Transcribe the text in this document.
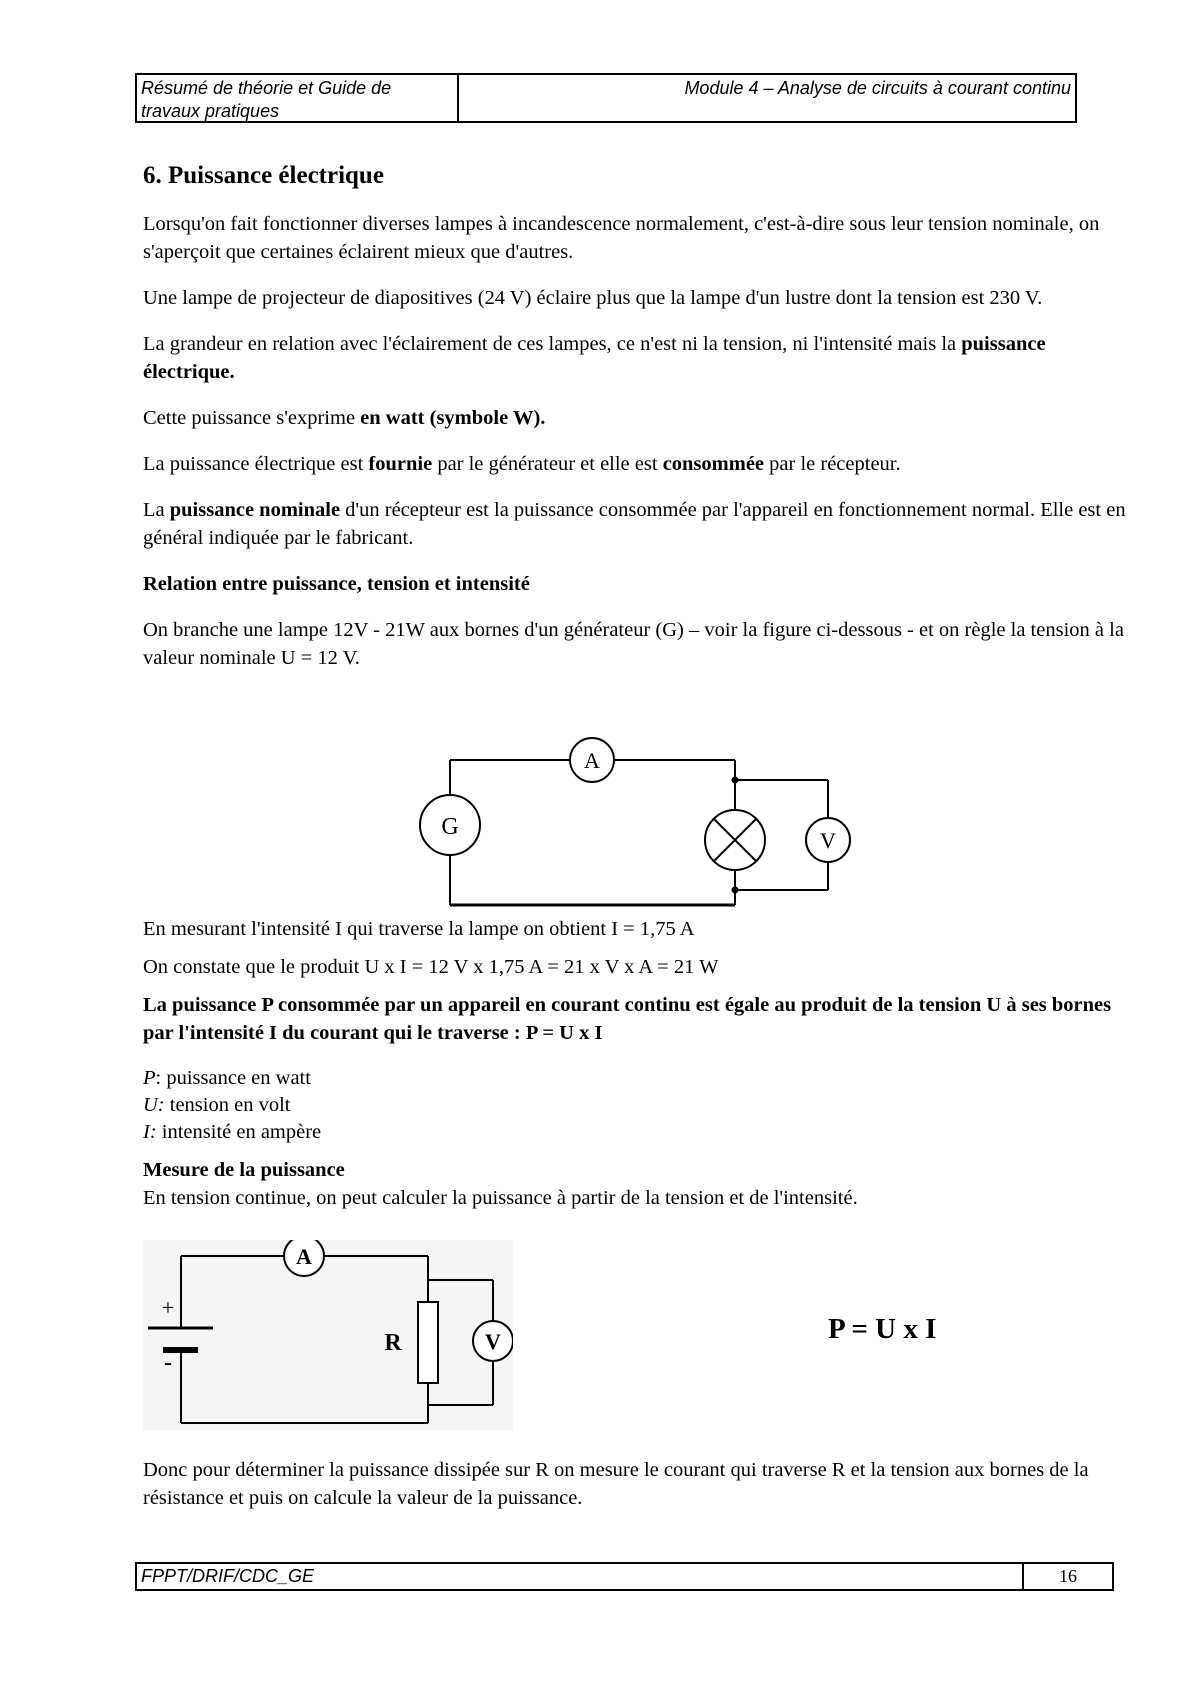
Résumé de théorie et Guide de travaux pratiques
Module 4 – Analyse de circuits à courant continu
6. Puissance électrique

Lorsqu'on fait fonctionner diverses lampes à incandescence normalement, c'est-à-dire sous leur tension nominale, on s'aperçoit que certaines éclairent mieux que d'autres.

Une lampe de projecteur de diapositives (24 V) éclaire plus que la lampe d'un lustre dont la tension est 230 V.

La grandeur en relation avec l'éclairement de ces lampes, ce n'est ni la tension, ni l'intensité mais la puissance électrique.

Cette puissance s'exprime en watt (symbole W).

La puissance électrique est fournie par le générateur et elle est consommée par le récepteur.

La puissance nominale d'un récepteur est la puissance consommée par l'appareil en fonctionnement normal. Elle est en général indiquée par le fabricant.

Relation entre puissance, tension et intensité

On branche une lampe 12V - 21W aux bornes d'un générateur (G) – voir la figure ci-dessous - et on règle la tension à la valeur nominale U = 12 V.

En mesurant l'intensité I qui traverse la lampe on obtient I = 1,75 A

On constate que le produit U x I = 12 V x 1,75 A = 21 x V x A = 21 W

La puissance P consommée par un appareil en courant continu est égale au produit de la tension U à ses bornes par l'intensité I du courant qui le traverse : P = U x I

P: puissance en watt
U: tension en volt
I: intensité en ampère

Mesure de la puissance

En tension continue, on peut calculer la puissance à partir de la tension et de l'intensité.

G
A
V
+
-
A
R	V	P = U x I

Donc pour déterminer la puissance dissipée sur R on mesure le courant qui traverse R et la tension aux bornes de la résistance et puis on calcule la valeur de la puissance.

FPPT/DRIF/CDC_GE	16
